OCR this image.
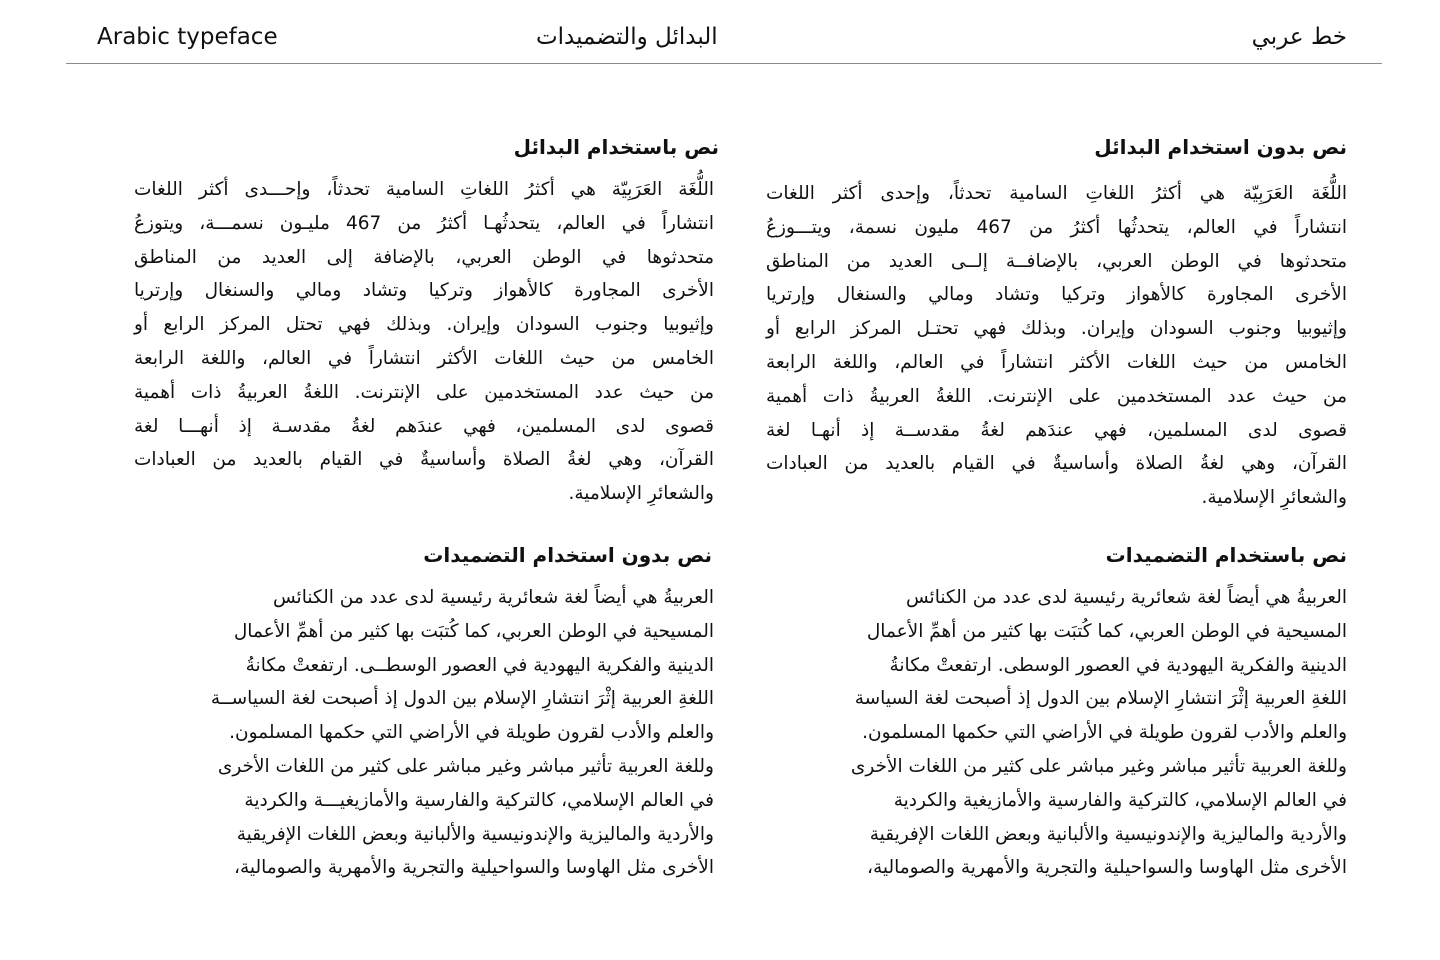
Arabic typeface	البدائل والتضميدات	خط عربي
نص بدون استخدام البدائل
اللُّغَة العَرَبِيّة هي أكثرُ اللغاتِ السامية تحدثاً، وإحدى أكثر اللغات
انتشاراً في العالم، يتحدثُها أكثرُ من 467 مليون نسمة، ويتـــوزعُ
متحدثوها في الوطن العربي، بالإضافــة إلــى العديد من المناطق
الأخرى المجاورة كالأهواز وتركيا وتشاد ومالي والسنغال وإرتريا
وإثيوبيا وجنوب السودان وإيران. وبذلك فهي تحتـل المركز الرابع أو
الخامس من حيث اللغات الأكثر انتشاراً في العالم، واللغة الرابعة
من حيث عدد المستخدمين على الإنترنت. اللغةُ العربيةُ ذات أهمية
قصوى لدى المسلمين، فهي عندَهم لغةُ مقدســة إذ أنهـا لغة
القرآن، وهي لغةُ الصلاة وأساسيةٌ في القيام بالعديد من العبادات
والشعائرِ الإسلامية.
نص باستخدام البدائل
اللُّغَة العَرَبِيّة هي أكثرُ اللغاتِ السامية تحدثاً، وإحـــدى أكثر اللغات
انتشاراً في العالم، يتحدثُهـا أكثرُ من 467 مليـون نسمـــة، ويتوزعُ
متحدثوها في الوطن العربي، بالإضافة إلى العديد من المناطق
الأخرى المجاورة كالأهواز وتركيا وتشاد ومالي والسنغال وإرتريا
وإثيوبيا وجنوب السودان وإيران. وبذلك فهي تحتل المركز الرابع أو
الخامس من حيث اللغات الأكثر انتشاراً في العالم، واللغة الرابعة
من حيث عدد المستخدمين على الإنترنت. اللغةُ العربيةُ ذات أهمية
قصوى لدى المسلمين، فهي عندَهم لغةُ مقدسـة إذ أنهـــا لغة
القرآن، وهي لغةُ الصلاة وأساسيةٌ في القيام بالعديد من العبادات
والشعائرِ الإسلامية.
نص باستخدام التضميدات
العربيةُ هي أيضاً لغة شعائرية رئيسية لدى عدد من الكنائس
المسيحية في الوطن العربي، كما كُتبَت بها كثير من أهمِّ الأعمال
الدينية والفكرية اليهودية في العصور الوسطى. ارتفعتْ مكانةُ
اللغةِ العربية إثْرَ انتشارِ الإسلام بين الدول إذ أصبحت لغة السياسة
والعلم والأدب لقرون طويلة في الأراضي التي حكمها المسلمون.
وللغة العربية تأثير مباشر وغير مباشر على كثير من اللغات الأخرى
في العالم الإسلامي، كالتركية والفارسية والأمازيغية والكردية
والأردية والماليزية والإندونيسية والألبانية وبعض اللغات الإفريقية
الأخرى مثل الهاوسا والسواحيلية والتجرية والأمهرية والصومالية،
نص بدون استخدام التضميدات
العربيةُ هي أيضاً لغة شعائرية رئيسية لدى عدد من الكنائس
المسيحية في الوطن العربي، كما كُتبَت بها كثير من أهمِّ الأعمال
الدينية والفكرية اليهودية في العصور الوسطــى. ارتفعتْ مكانةُ
اللغةِ العربية إثْرَ انتشارِ الإسلام بين الدول إذ أصبحت لغة السياســة
والعلم والأدب لقرون طويلة في الأراضي التي حكمها المسلمون.
وللغة العربية تأثير مباشر وغير مباشر على كثير من اللغات الأخرى
في العالم الإسلامي، كالتركية والفارسية والأمازيغيـــة والكردية
والأردية والماليزية والإندونيسية والألبانية وبعض اللغات الإفريقية
الأخرى مثل الهاوسا والسواحيلية والتجرية والأمهرية والصومالية،
